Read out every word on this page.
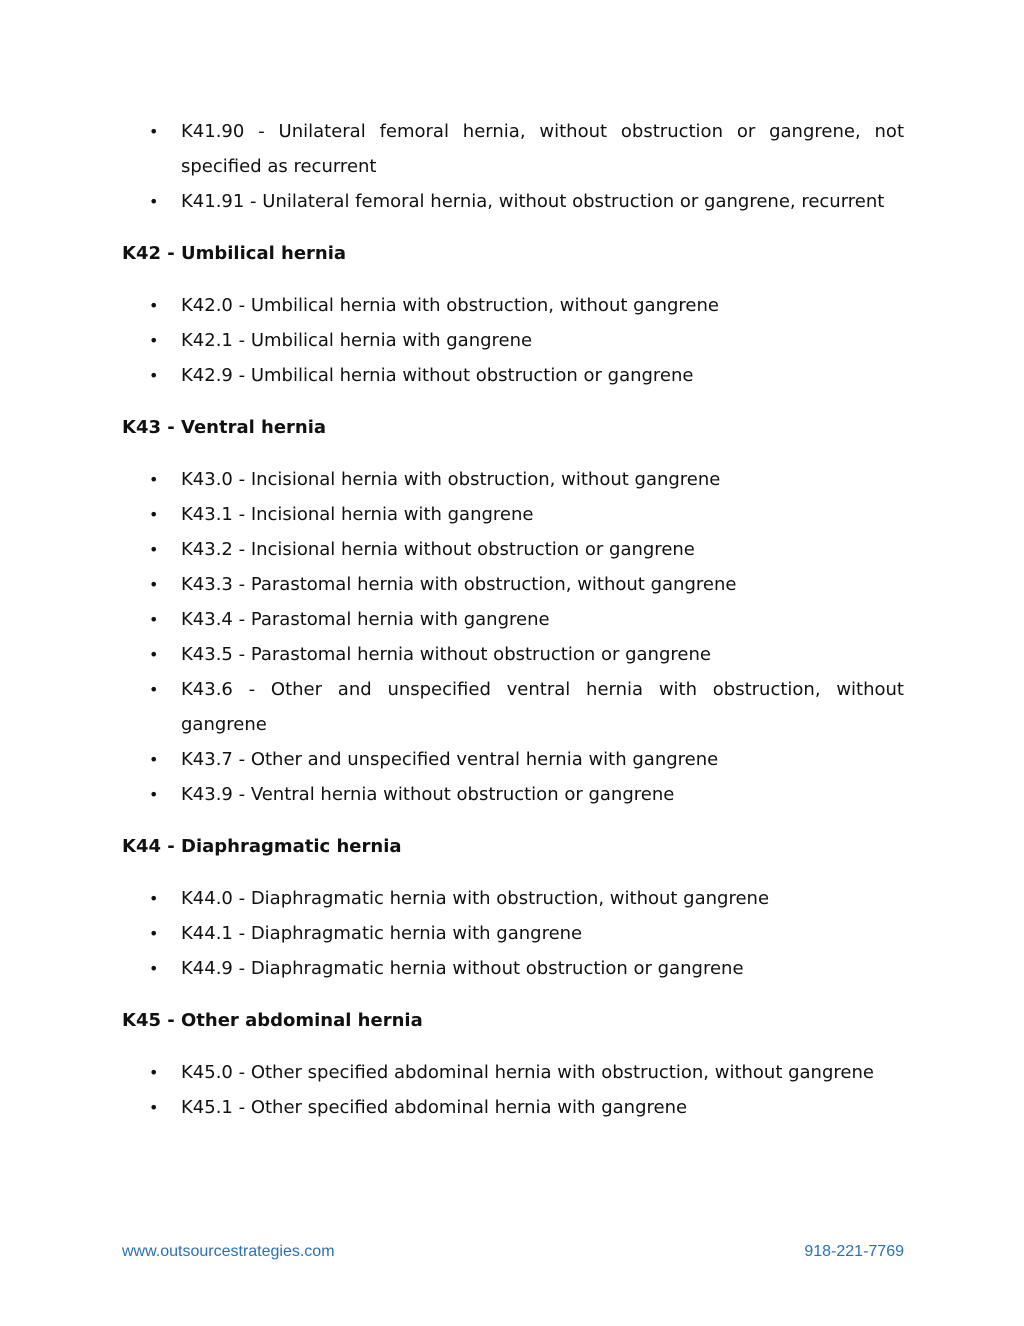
• K41.90 - Unilateral femoral hernia, without obstruction or gangrene, not specified as recurrent
• K41.91 - Unilateral femoral hernia, without obstruction or gangrene, recurrent
K42 - Umbilical hernia
• K42.0 - Umbilical hernia with obstruction, without gangrene
• K42.1 - Umbilical hernia with gangrene
• K42.9 - Umbilical hernia without obstruction or gangrene
K43 - Ventral hernia
• K43.0 - Incisional hernia with obstruction, without gangrene
• K43.1 - Incisional hernia with gangrene
• K43.2 - Incisional hernia without obstruction or gangrene
• K43.3 - Parastomal hernia with obstruction, without gangrene
• K43.4 - Parastomal hernia with gangrene
• K43.5 - Parastomal hernia without obstruction or gangrene
• K43.6 - Other and unspecified ventral hernia with obstruction, without gangrene
• K43.7 - Other and unspecified ventral hernia with gangrene
• K43.9 - Ventral hernia without obstruction or gangrene
K44 - Diaphragmatic hernia
• K44.0 - Diaphragmatic hernia with obstruction, without gangrene
• K44.1 - Diaphragmatic hernia with gangrene
• K44.9 - Diaphragmatic hernia without obstruction or gangrene
K45 - Other abdominal hernia
• K45.0 - Other specified abdominal hernia with obstruction, without gangrene
• K45.1 - Other specified abdominal hernia with gangrene
www.outsourcestrategies.com	918-221-7769
